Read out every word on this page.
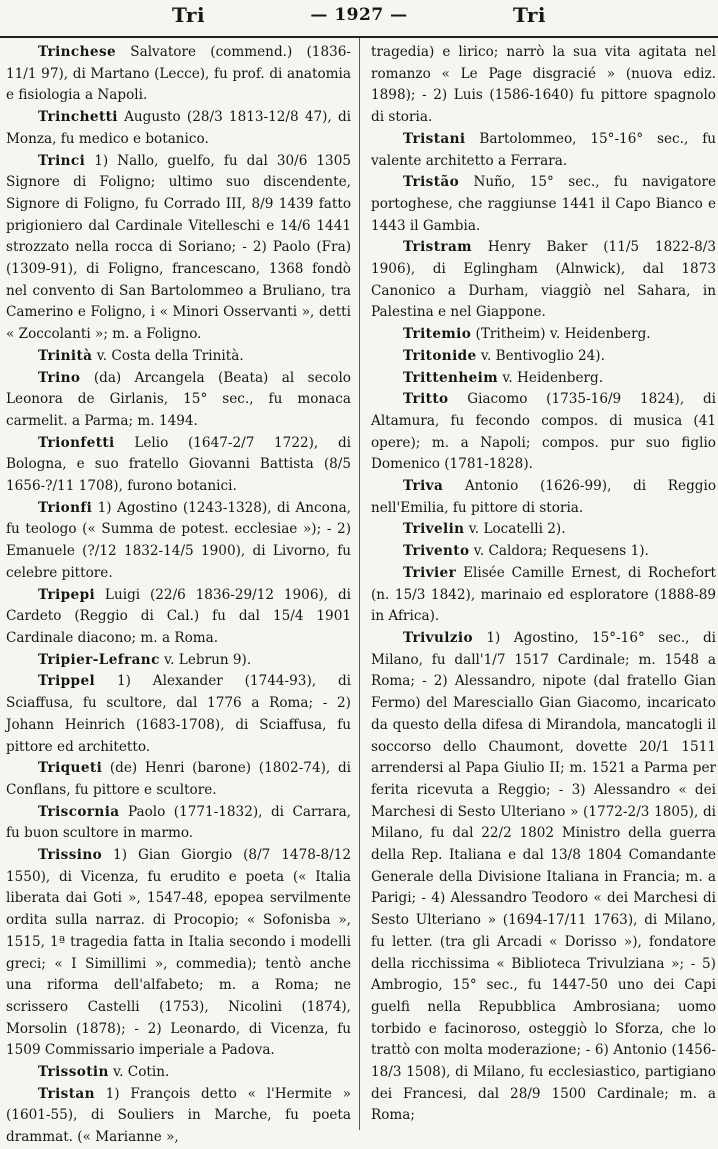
Tri	— 1927 —	Tri

Trinchese Salvatore (commend.) (1836-11/1 97), di Martano (Lecce), fu prof. di anatomia e fisiologia a Napoli.

Trinchetti Augusto (28/3 1813-12/8 47), di Monza, fu medico e botanico.

Trinci 1) Nallo, guelfo, fu dal 30/6 1305 Signore di Foligno; ultimo suo discendente, Signore di Foligno, fu Corrado III, 8/9 1439 fatto prigioniero dal Cardinale Vitelleschi e 14/6 1441 strozzato nella rocca di Soriano; - 2) Paolo (Fra) (1309-91), di Foligno, francescano, 1368 fondò nel convento di San Bartolommeo a Bruliano, tra Camerino e Foligno, i « Minori Osservanti », detti « Zoccolanti »; m. a Foligno.

Trinità v. Costa della Trinità.

Trino (da) Arcangela (Beata) al secolo Leonora de Girlanis, 15° sec., fu monaca carmelit. a Parma; m. 1494.

Trionfetti Lelio (1647-2/7 1722), di Bologna, e suo fratello Giovanni Battista (8/5 1656-?/11 1708), furono botanici.

Trionfi 1) Agostino (1243-1328), di Ancona, fu teologo (« Summa de potest. ecclesiae »); - 2) Emanuele (?/12 1832-14/5 1900), di Livorno, fu celebre pittore.

Tripepi Luigi (22/6 1836-29/12 1906), di Cardeto (Reggio di Cal.) fu dal 15/4 1901 Cardinale diacono; m. a Roma.

Tripier-Lefranc v. Lebrun 9).

Trippel 1) Alexander (1744-93), di Sciaffusa, fu scultore, dal 1776 a Roma; - 2) Johann Heinrich (1683-1708), di Sciaffusa, fu pittore ed architetto.

Triqueti (de) Henri (barone) (1802-74), di Conflans, fu pittore e scultore.

Triscornia Paolo (1771-1832), di Carrara, fu buon scultore in marmo.

Trissino 1) Gian Giorgio (8/7 1478-8/12 1550), di Vicenza, fu erudito e poeta (« Italia liberata dai Goti », 1547-48, epopea servilmente ordita sulla narraz. di Procopio; « Sofonisba », 1515, 1ª tragedia fatta in Italia secondo i modelli greci; « I Simillimi », commedia); tentò anche una riforma dell'alfabeto; m. a Roma; ne scrissero Castelli (1753), Nicolini (1874), Morsolin (1878); - 2) Leonardo, di Vicenza, fu 1509 Commissario imperiale a Padova.

Trissotin v. Cotin.

Tristan 1) François detto « l'Hermite » (1601-55), di Souliers in Marche, fu poeta drammat. (« Marianne »,

tragedia) e lirico; narrò la sua vita agitata nel romanzo « Le Page disgracié » (nuova ediz. 1898); - 2) Luis (1586-1640) fu pittore spagnolo di storia.

Tristani Bartolommeo, 15°-16° sec., fu valente architetto a Ferrara.

Tristão Nuño, 15° sec., fu navigatore portoghese, che raggiunse 1441 il Capo Bianco e 1443 il Gambia.

Tristram Henry Baker (11/5 1822-8/3 1906), di Eglingham (Alnwick), dal 1873 Canonico a Durham, viaggiò nel Sahara, in Palestina e nel Giappone.

Tritemio (Tritheim) v. Heidenberg.

Tritonide v. Bentivoglio 24).

Trittenheim v. Heidenberg.

Tritto Giacomo (1735-16/9 1824), di Altamura, fu fecondo compos. di musica (41 opere); m. a Napoli; compos. pur suo figlio Domenico (1781-1828).

Triva Antonio (1626-99), di Reggio nell'Emilia, fu pittore di storia.

Trivelin v. Locatelli 2).

Trivento v. Caldora; Requesens 1).

Trivier Elisée Camille Ernest, di Rochefort (n. 15/3 1842), marinaio ed esploratore (1888-89 in Africa).

Trivulzio 1) Agostino, 15°-16° sec., di Milano, fu dall'1/7 1517 Cardinale; m. 1548 a Roma; - 2) Alessandro, nipote (dal fratello Gian Fermo) del Maresciallo Gian Giacomo, incaricato da questo della difesa di Mirandola, mancatogli il soccorso dello Chaumont, dovette 20/1 1511 arrendersi al Papa Giulio II; m. 1521 a Parma per ferita ricevuta a Reggio; - 3) Alessandro « dei Marchesi di Sesto Ulteriano » (1772-2/3 1805), di Milano, fu dal 22/2 1802 Ministro della guerra della Rep. Italiana e dal 13/8 1804 Comandante Generale della Divisione Italiana in Francia; m. a Parigi; - 4) Alessandro Teodoro « dei Marchesi di Sesto Ulteriano » (1694-17/11 1763), di Milano, fu letter. (tra gli Arcadi « Dorisso »), fondatore della ricchissima « Biblioteca Trivulziana »; - 5) Ambrogio, 15° sec., fu 1447-50 uno dei Capi guelfi nella Repubblica Ambrosiana; uomo torbido e facinoroso, osteggiò lo Sforza, che lo trattò con molta moderazione; - 6) Antonio (1456-18/3 1508), di Milano, fu ecclesiastico, partigiano dei Francesi, dal 28/9 1500 Cardinale; m. a Roma;
